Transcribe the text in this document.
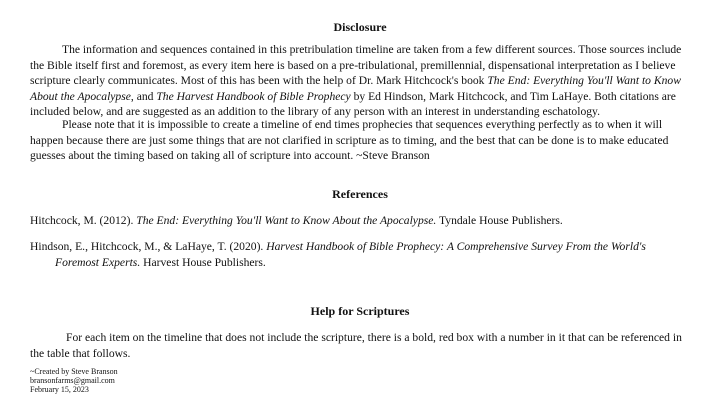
Disclosure

The information and sequences contained in this pretribulation timeline are taken from a few different sources. Those sources include the Bible itself first and foremost, as every item here is based on a pre-tribulational, premillennial, dispensational interpretation as I believe scripture clearly communicates. Most of this has been with the help of Dr. Mark Hitchcock's book The End: Everything You'll Want to Know About the Apocalypse, and The Harvest Handbook of Bible Prophecy by Ed Hindson, Mark Hitchcock, and Tim LaHaye. Both citations are included below, and are suggested as an addition to the library of any person with an interest in understanding eschatology.

Please note that it is impossible to create a timeline of end times prophecies that sequences everything perfectly as to when it will happen because there are just some things that are not clarified in scripture as to timing, and the best that can be done is to make educated guesses about the timing based on taking all of scripture into account. ~Steve Branson

References

Hitchcock, M. (2012). The End: Everything You'll Want to Know About the Apocalypse. Tyndale House Publishers.

Hindson, E., Hitchcock, M., & LaHaye, T. (2020). Harvest Handbook of Bible Prophecy: A Comprehensive Survey From the World's Foremost Experts. Harvest House Publishers.

Help for Scriptures

For each item on the timeline that does not include the scripture, there is a bold, red box with a number in it that can be referenced in the table that follows.

~Created by Steve Branson
bransonfarms@gmail.com
February 15, 2023
